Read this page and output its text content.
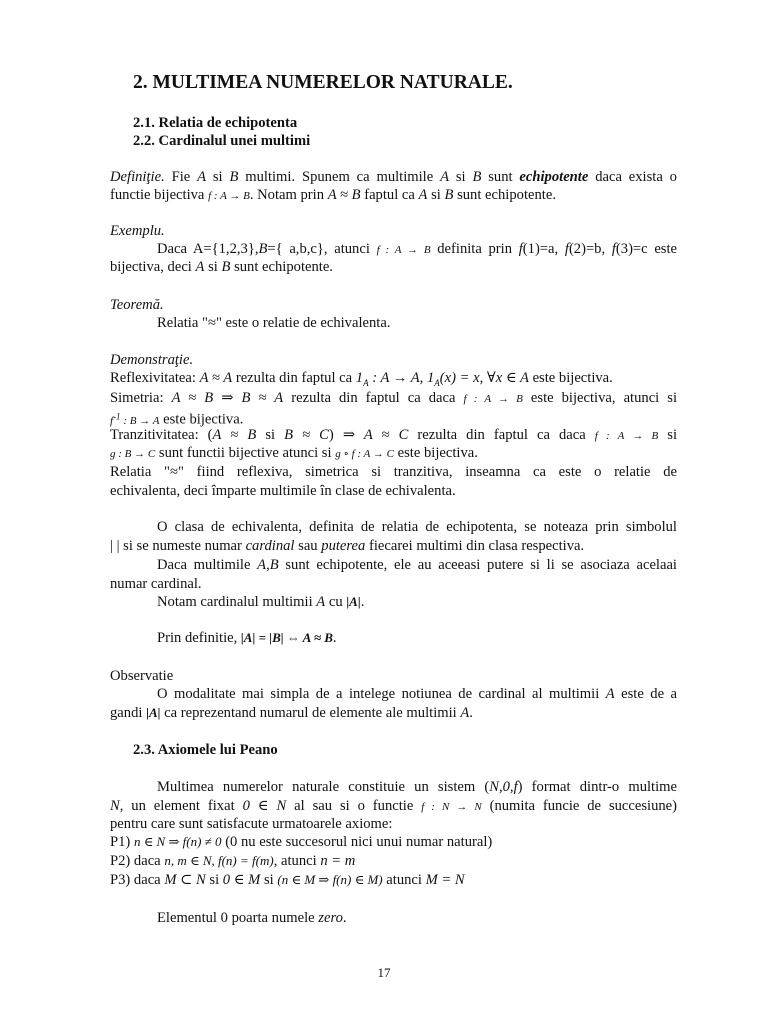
2. MULTIMEA NUMERELOR NATURALE.
2.1. Relatia de echipotenta
2.2. Cardinalul unei multimi
Definiţie. Fie A si B multimi. Spunem ca multimile A si B sunt echipotente daca exista o
functie bijectiva f : A → B. Notam prin A ≈ B faptul ca A si B sunt echipotente.
Exemplu.
Daca A={1,2,3},B={ a,b,c}, atunci f : A → B definita prin f(1)=a, f(2)=b, f(3)=c este
bijectiva, deci A si B sunt echipotente.
Teoremă.
Relatia "≈" este o relatie de echivalenta.
Demonstraţie.
Reflexivitatea: A ≈ A rezulta din faptul ca $1_A$ : A → A, $1_A(x) = x$, ∀x ∈ A este bijectiva.
Simetria: A ≈ B ⇒ B ≈ A rezulta din faptul ca daca f : A → B este bijectiva, atunci si
$f^{-1}$ : B → A este bijectiva.
Tranzitivitatea: (A ≈ B si B ≈ C) ⇒ A ≈ C rezulta din faptul ca daca f : A → B si
g : B → C sunt functii bijective atunci si g ∘ f : A → C este bijectiva.
Relatia "≈" fiind reflexiva, simetrica si tranzitiva, inseamna ca este o relatie de
echivalenta, deci împarte multimile în clase de echivalenta.
O clasa de echivalenta, definita de relatia de echipotenta, se noteaza prin simbolul
| | si se numeste numar cardinal sau puterea fiecarei multimi din clasa respectiva.
Daca multimile A,B sunt echipotente, ele au aceeasi putere si li se asociaza acelaai
numar cardinal.
Notam cardinalul multimii A cu |A|.
Prin definitie, |A| = |B| ⇔ A ≈ B.
Observatie
O modalitate mai simpla de a intelege notiunea de cardinal al multimii A este de a
gandi |A| ca reprezentand numarul de elemente ale multimii A.
2.3. Axiomele lui Peano
Multimea numerelor naturale constituie un sistem (N,0,f) format dintr-o multime
N, un element fixat 0 ∈ N al sau si o functie f : N → N (numita funcie de succesiune)
pentru care sunt satisfacute urmatoarele axiome:
P1) n ∈ N ⇒ f(n) ≠ 0 (0 nu este succesorul nici unui numar natural)
P2) daca n, m ∈ N, f(n) = f(m), atunci n = m
P3) daca M ⊂ N si 0 ∈ M si (n ∈ M ⇒ f(n) ∈ M) atunci M = N
Elementul 0 poarta numele zero.
17
